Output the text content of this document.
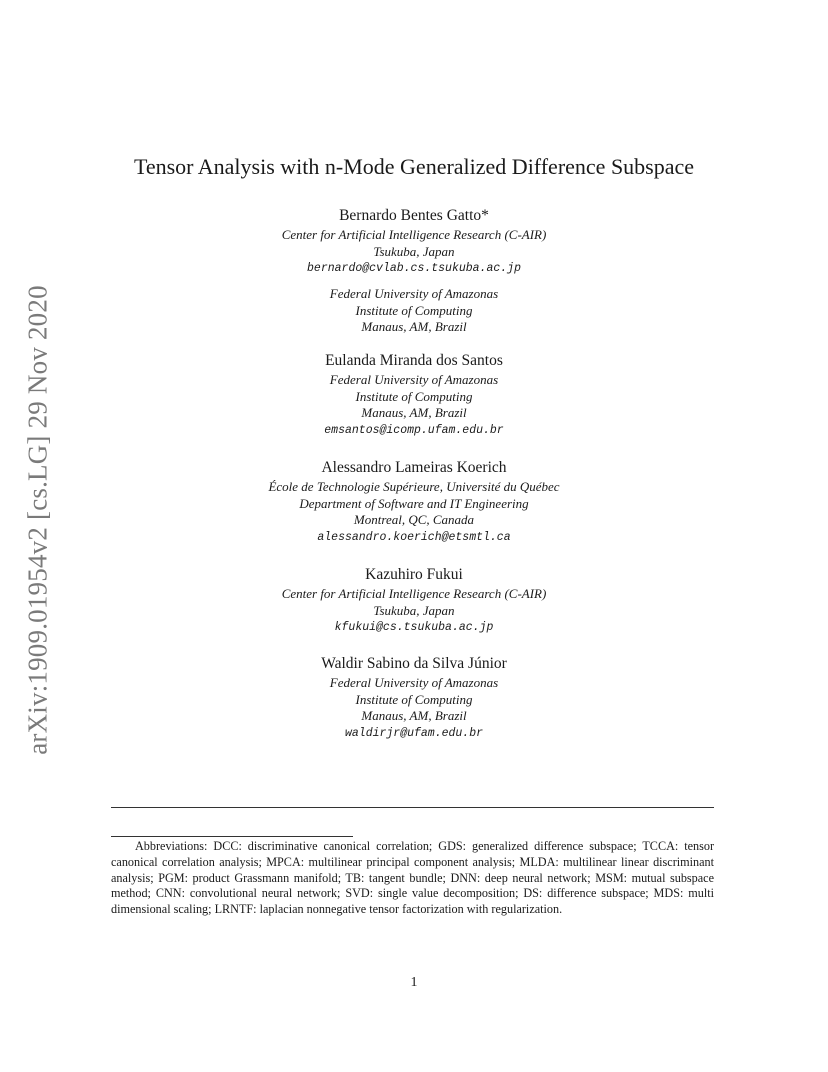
arXiv:1909.01954v2 [cs.LG] 29 Nov 2020
Tensor Analysis with n-Mode Generalized Difference Subspace
Bernardo Bentes Gatto*
Center for Artificial Intelligence Research (C-AIR)
Tsukuba, Japan
bernardo@cvlab.cs.tsukuba.ac.jp
Federal University of Amazonas
Institute of Computing
Manaus, AM, Brazil
Eulanda Miranda dos Santos
Federal University of Amazonas
Institute of Computing
Manaus, AM, Brazil
emsantos@icomp.ufam.edu.br
Alessandro Lameiras Koerich
École de Technologie Supérieure, Université du Québec
Department of Software and IT Engineering
Montreal, QC, Canada
alessandro.koerich@etsmtl.ca
Kazuhiro Fukui
Center for Artificial Intelligence Research (C-AIR)
Tsukuba, Japan
kfukui@cs.tsukuba.ac.jp
Waldir Sabino da Silva Júnior
Federal University of Amazonas
Institute of Computing
Manaus, AM, Brazil
waldirjr@ufam.edu.br
Abbreviations: DCC: discriminative canonical correlation; GDS: generalized difference subspace; TCCA: tensor canonical correlation analysis; MPCA: multilinear principal component analysis; MLDA: multilinear linear discriminant analysis; PGM: product Grassmann manifold; TB: tangent bundle; DNN: deep neural network; MSM: mutual subspace method; CNN: convolutional neural network; SVD: single value decomposition; DS: difference subspace; MDS: multi dimensional scaling; LRNTF: laplacian nonnegative tensor factorization with regularization.
1
